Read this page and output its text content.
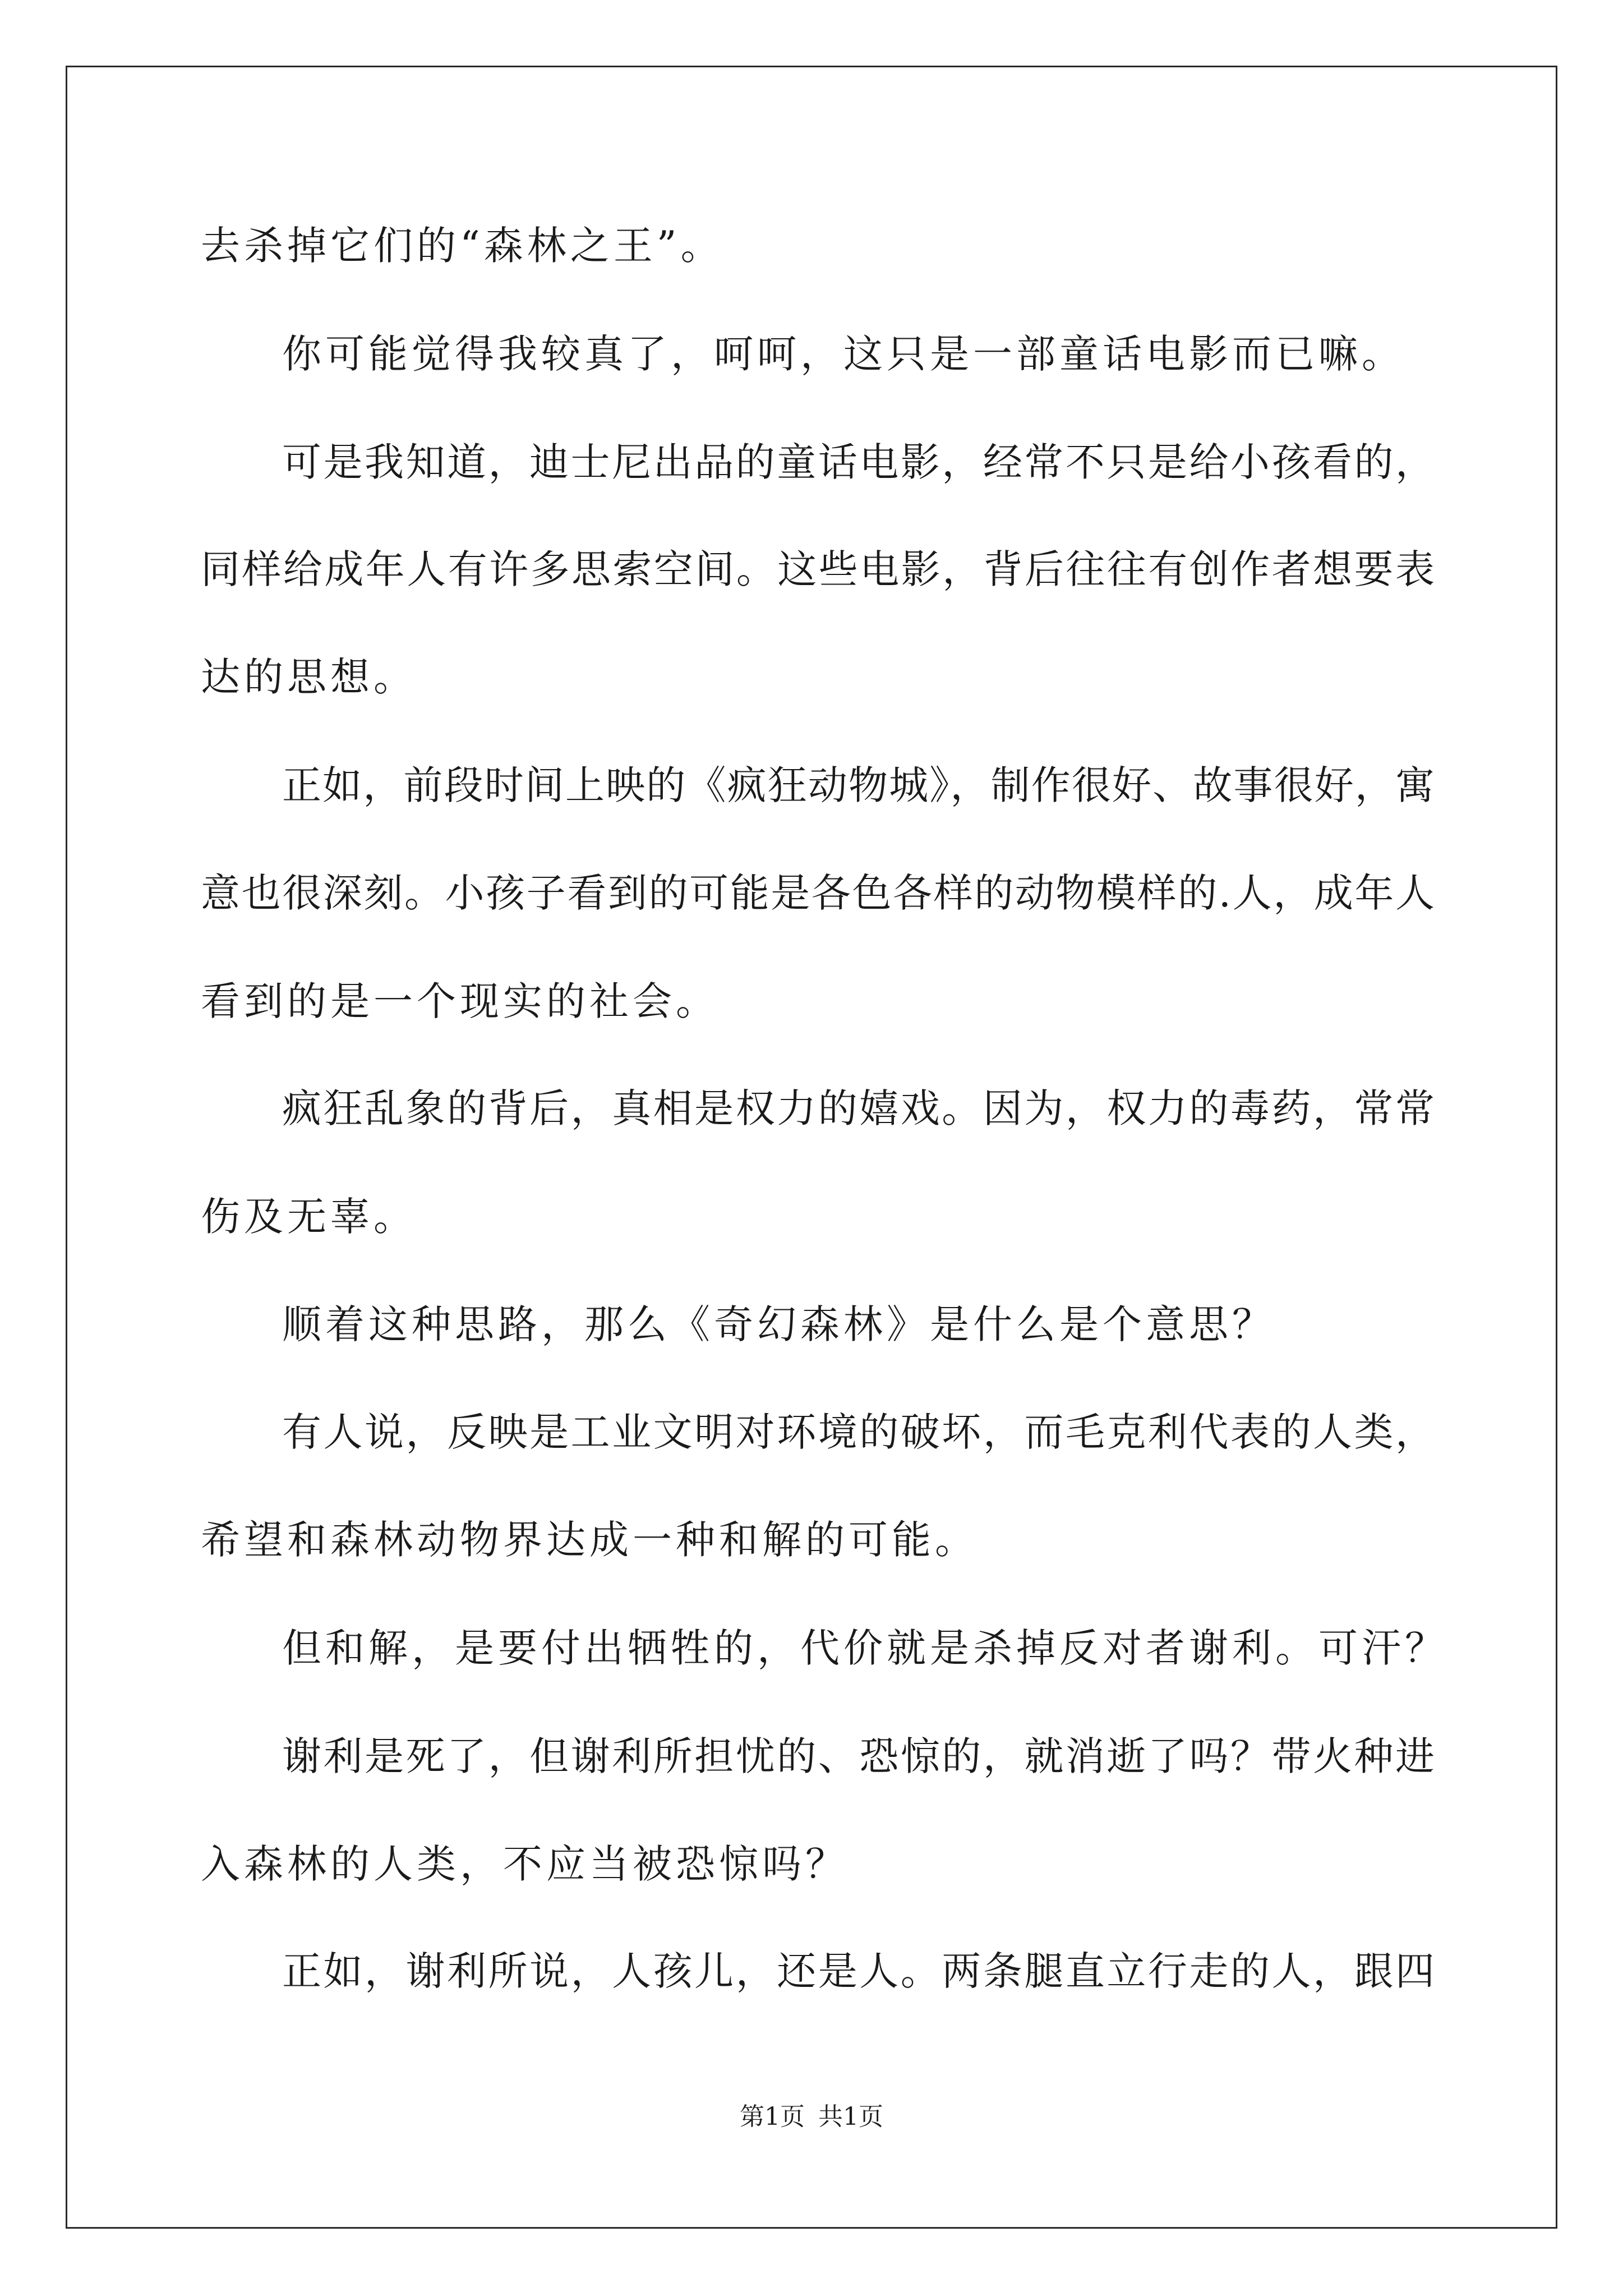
去杀掉它们的“森林之王”。
你可能觉得我较真了，呵呵，这只是一部童话电影而已嘛。
可是我知道，迪士尼出品的童话电影，经常不只是给小孩看的，
同样给成年人有许多思索空间。这些电影，背后往往有创作者想要表
达的思想。
正如，前段时间上映的《疯狂动物城》，制作很好、故事很好，寓
意也很深刻。小孩子看到的可能是各色各样的动物模样的.人，成年人
看到的是一个现实的社会。
疯狂乱象的背后，真相是权力的嬉戏。因为，权力的毒药，常常
伤及无辜。
顺着这种思路，那么《奇幻森林》是什么是个意思？
有人说，反映是工业文明对环境的破坏，而毛克利代表的人类，
希望和森林动物界达成一种和解的可能。
但和解，是要付出牺牲的，代价就是杀掉反对者谢利。可汗？
谢利是死了，但谢利所担忧的、恐惊的，就消逝了吗？带火种进
入森林的人类，不应当被恐惊吗？
正如，谢利所说，人孩儿，还是人。两条腿直立行走的人，跟四
第1页 共1页
